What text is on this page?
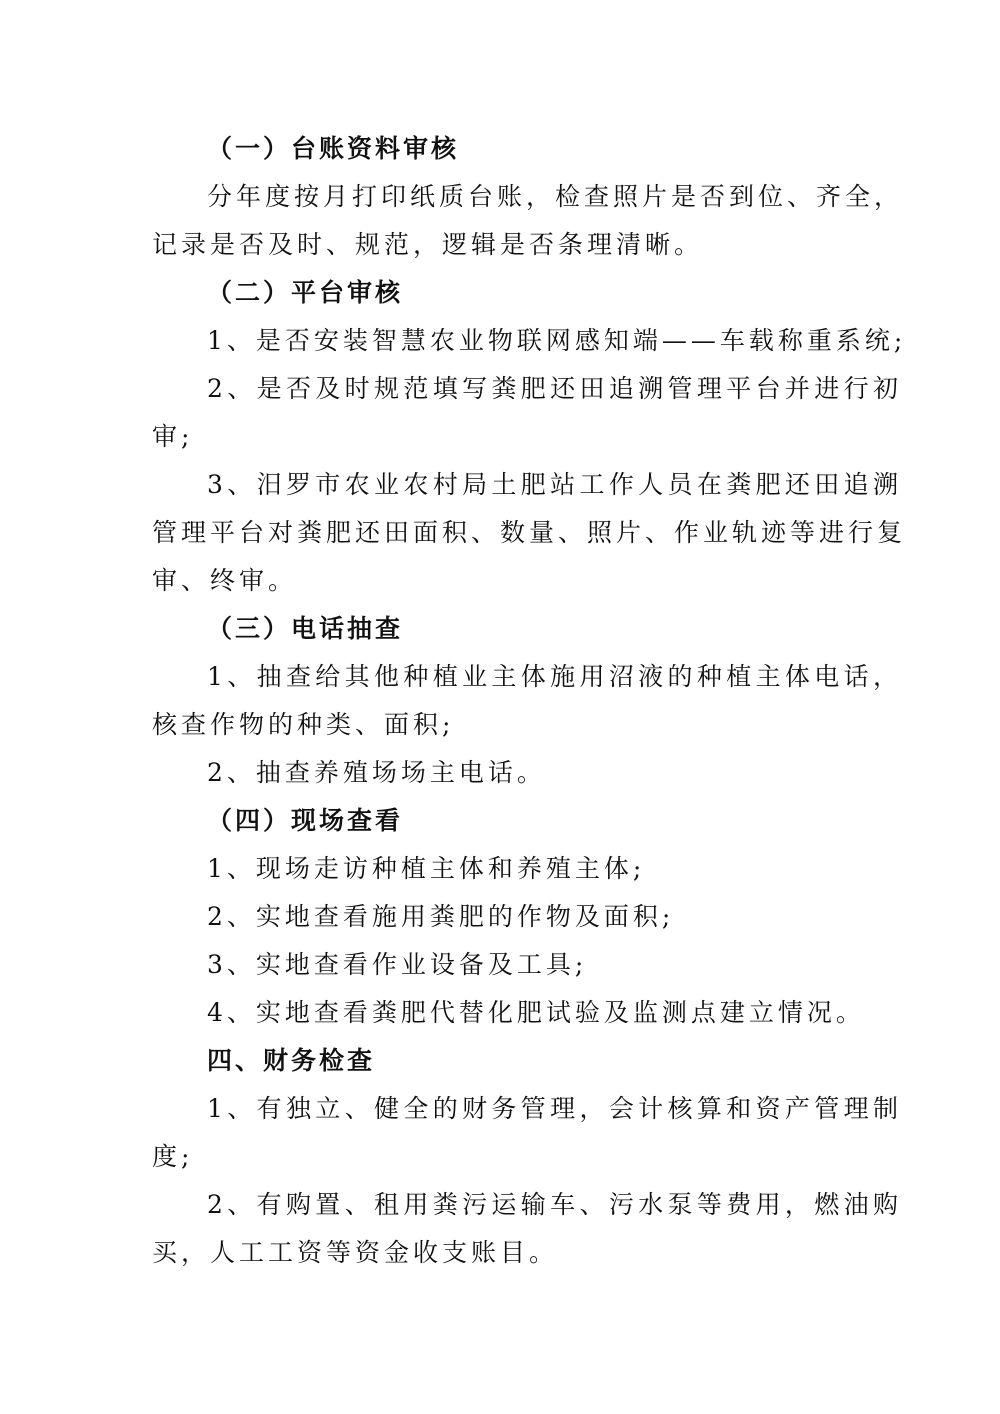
（一）台账资料审核
分年度按月打印纸质台账，检查照片是否到位、齐全，
记录是否及时、规范，逻辑是否条理清晰。
（二）平台审核
1、是否安装智慧农业物联网感知端——车载称重系统;
2、是否及时规范填写粪肥还田追溯管理平台并进行初
审;
3、汨罗市农业农村局土肥站工作人员在粪肥还田追溯
管理平台对粪肥还田面积、数量、照片、作业轨迹等进行复
审、终审。
（三）电话抽查
1、抽查给其他种植业主体施用沼液的种植主体电话，
核查作物的种类、面积;
2、抽查养殖场场主电话。
（四）现场查看
1、现场走访种植主体和养殖主体;
2、实地查看施用粪肥的作物及面积;
3、实地查看作业设备及工具;
4、实地查看粪肥代替化肥试验及监测点建立情况。
四、财务检查
1、有独立、健全的财务管理，会计核算和资产管理制
度;
2、有购置、租用粪污运输车、污水泵等费用，燃油购
买，人工工资等资金收支账目。
